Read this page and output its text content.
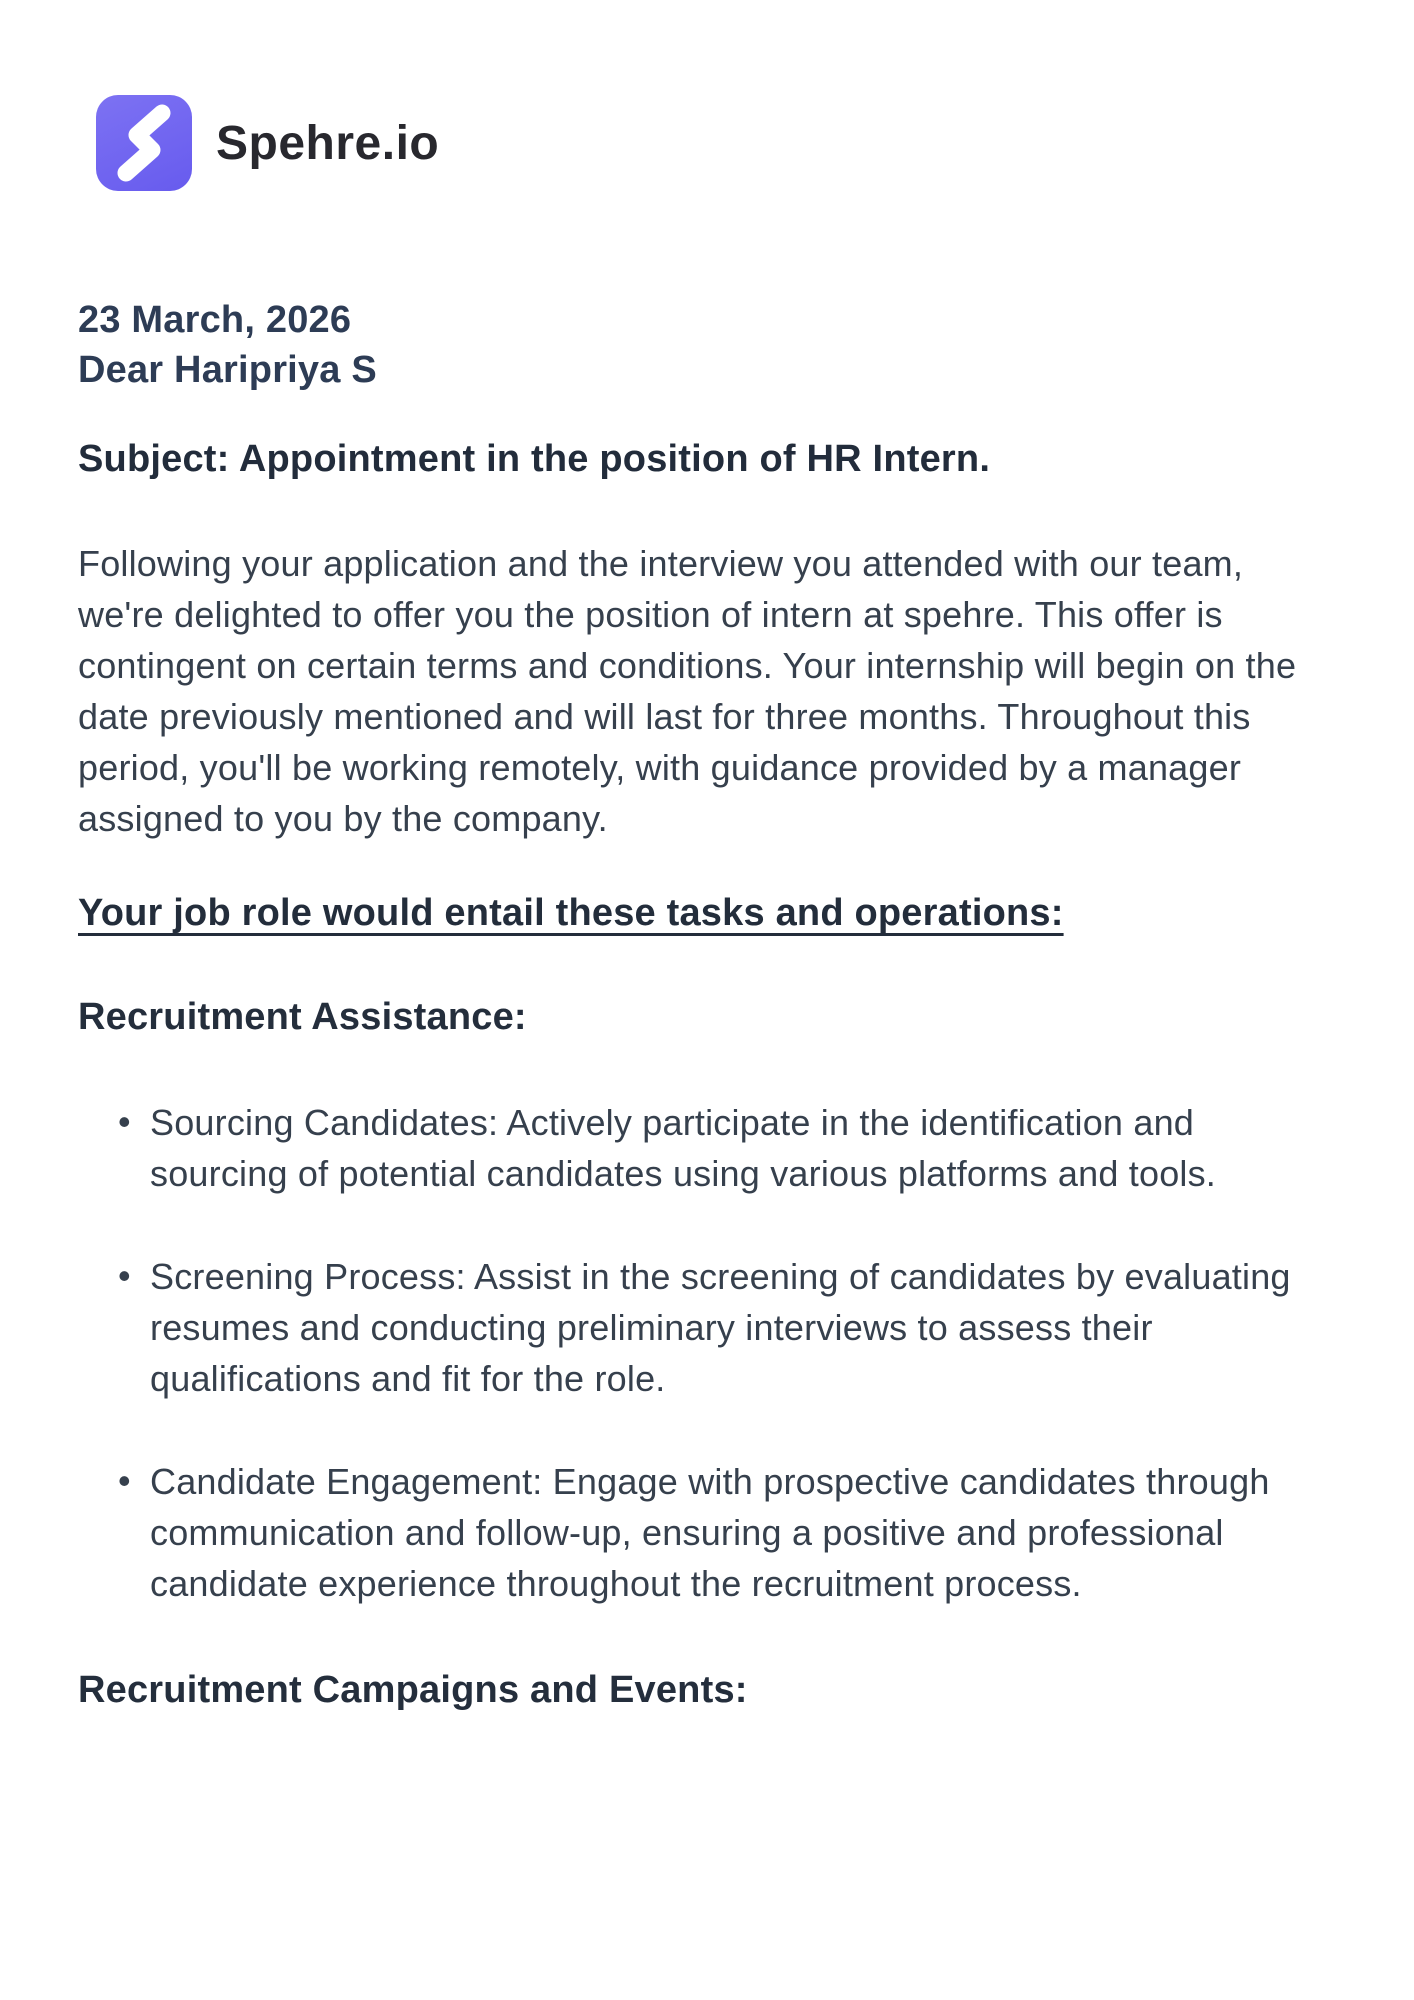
Spehre.io
23 March, 2026
Dear Haripriya S
Subject: Appointment in the position of HR Intern.

Following your application and the interview you attended with our team, we're delighted to offer you the position of intern at spehre. This offer is contingent on certain terms and conditions. Your internship will begin on the date previously mentioned and will last for three months. Throughout this period, you'll be working remotely, with guidance provided by a manager assigned to you by the company.

Your job role would entail these tasks and operations:
Recruitment Assistance:
• Sourcing Candidates: Actively participate in the identification and sourcing of potential candidates using various platforms and tools.
• Screening Process: Assist in the screening of candidates by evaluating resumes and conducting preliminary interviews to assess their qualifications and fit for the role.
• Candidate Engagement: Engage with prospective candidates through communication and follow-up, ensuring a positive and professional candidate experience throughout the recruitment process.
Recruitment Campaigns and Events:
